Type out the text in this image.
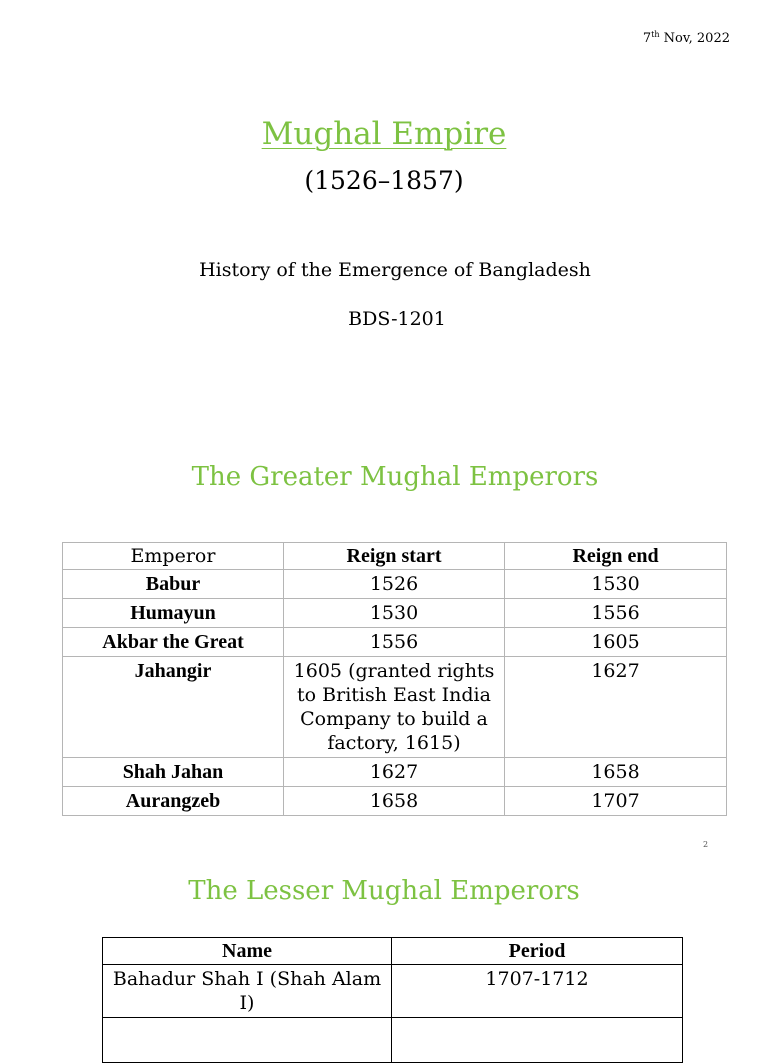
7th Nov, 2022
Mughal Empire
(1526–1857)
History of the Emergence of Bangladesh
BDS-1201
The Greater Mughal Emperors
Emperor	Reign start	Reign end
Babur	1526	1530
Humayun	1530	1556
Akbar the Great	1556	1605
Jahangir	1605 (granted rights to British East India Company to build a factory, 1615)	1627
Shah Jahan	1627	1658
Aurangzeb	1658	1707
2
The Lesser Mughal Emperors
Name	Period
Bahadur Shah I (Shah Alam I)	1707-1712
